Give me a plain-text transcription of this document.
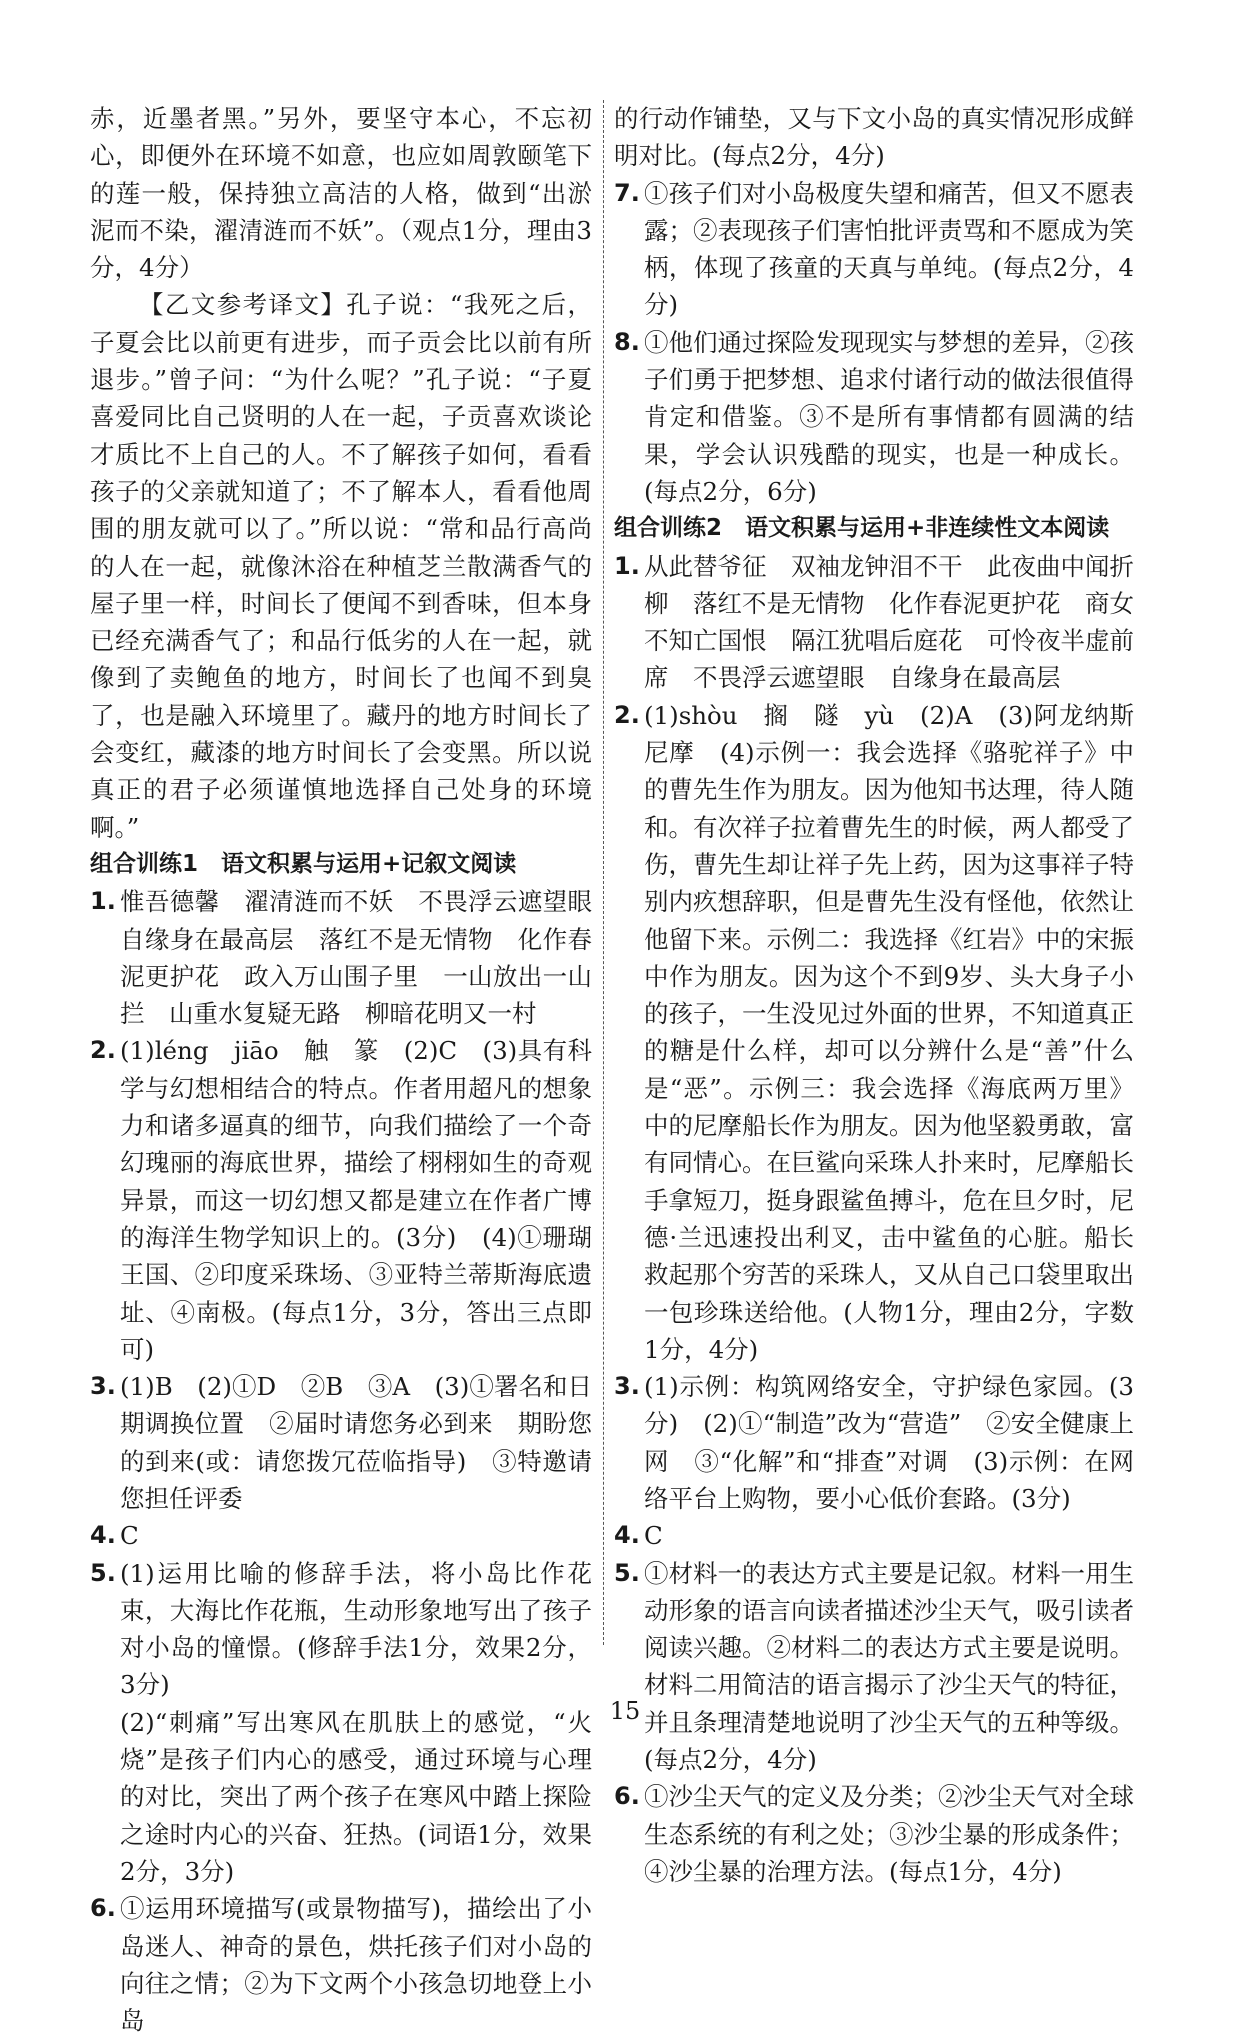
赤，近墨者黑。”另外，要坚守本心，不忘初心，即便外在环境不如意，也应如周敦颐笔下的莲一般，保持独立高洁的人格，做到“出淤泥而不染，濯清涟而不妖”。（观点1分，理由3分，4分）

【乙文参考译文】孔子说：“我死之后，子夏会比以前更有进步，而子贡会比以前有所退步。”曾子问：“为什么呢？”孔子说：“子夏喜爱同比自己贤明的人在一起，子贡喜欢谈论才质比不上自己的人。不了解孩子如何，看看孩子的父亲就知道了；不了解本人，看看他周围的朋友就可以了。”所以说：“常和品行高尚的人在一起，就像沐浴在种植芝兰散满香气的屋子里一样，时间长了便闻不到香味，但本身已经充满香气了；和品行低劣的人在一起，就像到了卖鲍鱼的地方，时间长了也闻不到臭了，也是融入环境里了。藏丹的地方时间长了会变红，藏漆的地方时间长了会变黑。所以说真正的君子必须谨慎地选择自己处身的环境啊。”

组合训练1　语文积累与运用+记叙文阅读

1. 惟吾德馨　濯清涟而不妖　不畏浮云遮望眼　自缘身在最高层　落红不是无情物　化作春泥更护花　政入万山围子里　一山放出一山拦　山重水复疑无路　柳暗花明又一村
2. (1)léng　jiāo　触　篆　(2)C　(3)具有科学与幻想相结合的特点。作者用超凡的想象力和诸多逼真的细节，向我们描绘了一个奇幻瑰丽的海底世界，描绘了栩栩如生的奇观异景，而这一切幻想又都是建立在作者广博的海洋生物学知识上的。(3分)　(4)①珊瑚王国、②印度采珠场、③亚特兰蒂斯海底遗址、④南极。(每点1分，3分，答出三点即可)
3. (1)B　(2)①D　②B　③A　(3)①署名和日期调换位置　②届时请您务必到来　期盼您的到来(或：请您拨冗莅临指导)　③特邀请您担任评委
4. C
5. (1)运用比喻的修辞手法，将小岛比作花束，大海比作花瓶，生动形象地写出了孩子对小岛的憧憬。(修辞手法1分，效果2分，3分)

(2)“刺痛”写出寒风在肌肤上的感觉，“火烧”是孩子们内心的感受，通过环境与心理的对比，突出了两个孩子在寒风中踏上探险之途时内心的兴奋、狂热。(词语1分，效果2分，3分)

6. ①运用环境描写(或景物描写)，描绘出了小岛迷人、神奇的景色，烘托孩子们对小岛的向往之情；②为下文两个小孩急切地登上小岛

的行动作铺垫，又与下文小岛的真实情况形成鲜明对比。(每点2分，4分)

7. ①孩子们对小岛极度失望和痛苦，但又不愿表露；②表现孩子们害怕批评责骂和不愿成为笑柄，体现了孩童的天真与单纯。(每点2分，4分)
8. ①他们通过探险发现现实与梦想的差异，②孩子们勇于把梦想、追求付诸行动的做法很值得肯定和借鉴。③不是所有事情都有圆满的结果，学会认识残酷的现实，也是一种成长。(每点2分，6分)

组合训练2　语文积累与运用+非连续性文本阅读

1. 从此替爷征　双袖龙钟泪不干　此夜曲中闻折柳　落红不是无情物　化作春泥更护花　商女不知亡国恨　隔江犹唱后庭花　可怜夜半虚前席　不畏浮云遮望眼　自缘身在最高层
2. (1)shòu　搁　隧　yù　(2)A　(3)阿龙纳斯　尼摩　(4)示例一：我会选择《骆驼祥子》中的曹先生作为朋友。因为他知书达理，待人随和。有次祥子拉着曹先生的时候，两人都受了伤，曹先生却让祥子先上药，因为这事祥子特别内疚想辞职，但是曹先生没有怪他，依然让他留下来。示例二：我选择《红岩》中的宋振中作为朋友。因为这个不到9岁、头大身子小的孩子，一生没见过外面的世界，不知道真正的糖是什么样，却可以分辨什么是“善”什么是“恶”。示例三：我会选择《海底两万里》中的尼摩船长作为朋友。因为他坚毅勇敢，富有同情心。在巨鲨向采珠人扑来时，尼摩船长手拿短刀，挺身跟鲨鱼搏斗，危在旦夕时，尼德·兰迅速投出利叉，击中鲨鱼的心脏。船长救起那个穷苦的采珠人，又从自己口袋里取出一包珍珠送给他。(人物1分，理由2分，字数1分，4分)
3. (1)示例：构筑网络安全，守护绿色家园。(3分)　(2)①“制造”改为“营造”　②安全健康上网　③“化解”和“排查”对调　(3)示例：在网络平台上购物，要小心低价套路。(3分)
4. C
5. ①材料一的表达方式主要是记叙。材料一用生动形象的语言向读者描述沙尘天气，吸引读者阅读兴趣。②材料二的表达方式主要是说明。材料二用简洁的语言揭示了沙尘天气的特征，并且条理清楚地说明了沙尘天气的五种等级。(每点2分，4分)
6. ①沙尘天气的定义及分类；②沙尘天气对全球生态系统的有利之处；③沙尘暴的形成条件；④沙尘暴的治理方法。(每点1分，4分)
15
